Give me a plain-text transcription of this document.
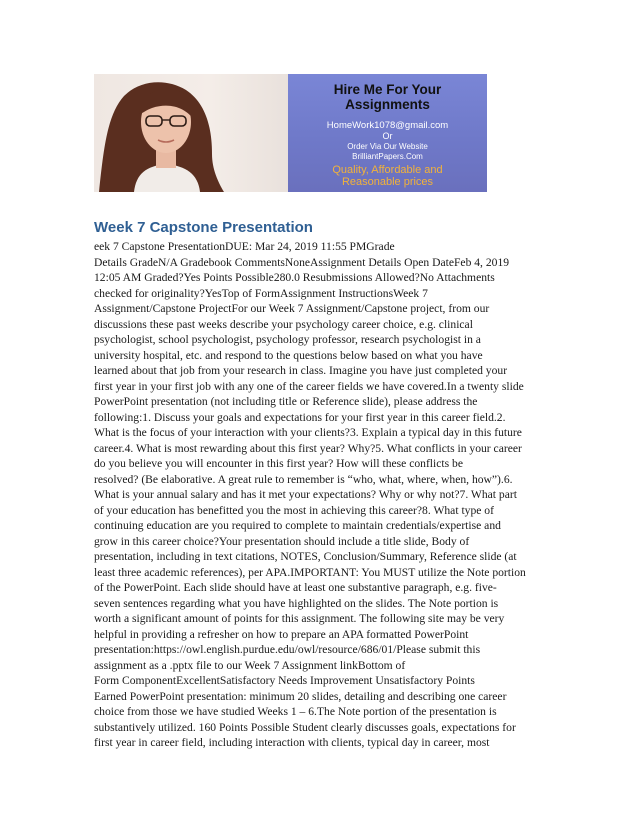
Hire Me For Your
Assignments
HomeWork1078@gmail.com
Or
Order Via Our Website
BrilliantPapers.Com
Quality, Affordable and
Reasonable prices
Week 7 Capstone Presentation
eek 7 Capstone PresentationDUE: Mar 24, 2019 11:55 PMGrade
Details GradeN/A Gradebook CommentsNoneAssignment Details Open DateFeb 4, 2019
12:05 AM Graded?Yes Points Possible280.0 Resubmissions Allowed?No Attachments
checked for originality?YesTop of FormAssignment InstructionsWeek 7
Assignment/Capstone ProjectFor our Week 7 Assignment/Capstone project, from our
discussions these past weeks describe your psychology career choice, e.g. clinical
psychologist, school psychologist, psychology professor, research psychologist in a
university hospital, etc. and respond to the questions below based on what you have
learned about that job from your research in class. Imagine you have just completed your
first year in your first job with any one of the career fields we have covered.In a twenty slide
PowerPoint presentation (not including title or Reference slide), please address the
following:1. Discuss your goals and expectations for your first year in this career field.2.
What is the focus of your interaction with your clients?3. Explain a typical day in this future
career.4. What is most rewarding about this first year? Why?5. What conflicts in your career
do you believe you will encounter in this first year? How will these conflicts be
resolved? (Be elaborative. A great rule to remember is “who, what, where, when, how”).6.
What is your annual salary and has it met your expectations? Why or why not?7. What part
of your education has benefitted you the most in achieving this career?8. What type of
continuing education are you required to complete to maintain credentials/expertise and
grow in this career choice?Your presentation should include a title slide, Body of
presentation, including in text citations, NOTES, Conclusion/Summary, Reference slide (at
least three academic references), per APA.IMPORTANT: You MUST utilize the Note portion
of the PowerPoint. Each slide should have at least one substantive paragraph, e.g. five-
seven sentences regarding what you have highlighted on the slides. The Note portion is
worth a significant amount of points for this assignment. The following site may be very
helpful in providing a refresher on how to prepare an APA formatted PowerPoint
presentation:https://owl.english.purdue.edu/owl/resource/686/01/Please submit this
assignment as a .pptx file to our Week 7 Assignment linkBottom of
Form ComponentExcellentSatisfactory Needs Improvement Unsatisfactory Points
Earned PowerPoint presentation: minimum 20 slides, detailing and describing one career
choice from those we have studied Weeks 1 – 6.The Note portion of the presentation is
substantively utilized. 160 Points Possible Student clearly discusses goals, expectations for
first year in career field, including interaction with clients, typical day in career, most
